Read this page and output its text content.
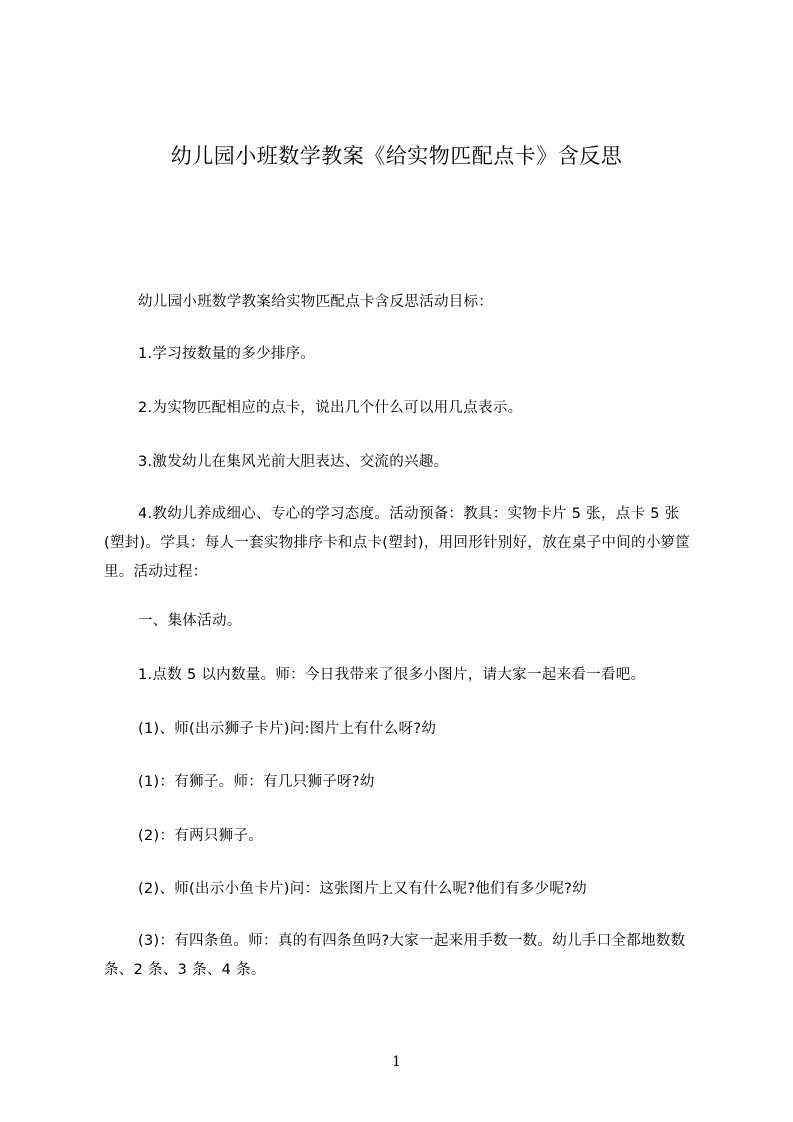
幼儿园小班数学教案《给实物匹配点卡》含反思

幼儿园小班数学教案给实物匹配点卡含反思活动目标：

1.学习按数量的多少排序。

2.为实物匹配相应的点卡，说出几个什么可以用几点表示。

3.激发幼儿在集风光前大胆表达、交流的兴趣。

4.教幼儿养成细心、专心的学习态度。活动预备：教具：实物卡片 5 张，点卡 5 张(塑封)。学具：每人一套实物排序卡和点卡(塑封)，用回形针别好，放在桌子中间的小箩筐里。活动过程：

一、集体活动。

1.点数 5 以内数量。师：今日我带来了很多小图片，请大家一起来看一看吧。

(1)、师(出示狮子卡片)问:图片上有什么呀?幼

(1)：有狮子。师：有几只狮子呀?幼

(2)：有两只狮子。

(2)、师(出示小鱼卡片)问：这张图片上又有什么呢?他们有多少呢?幼

(3)：有四条鱼。师：真的有四条鱼吗?大家一起来用手数一数。幼儿手口全都地数数条、2 条、3 条、4 条。

1
